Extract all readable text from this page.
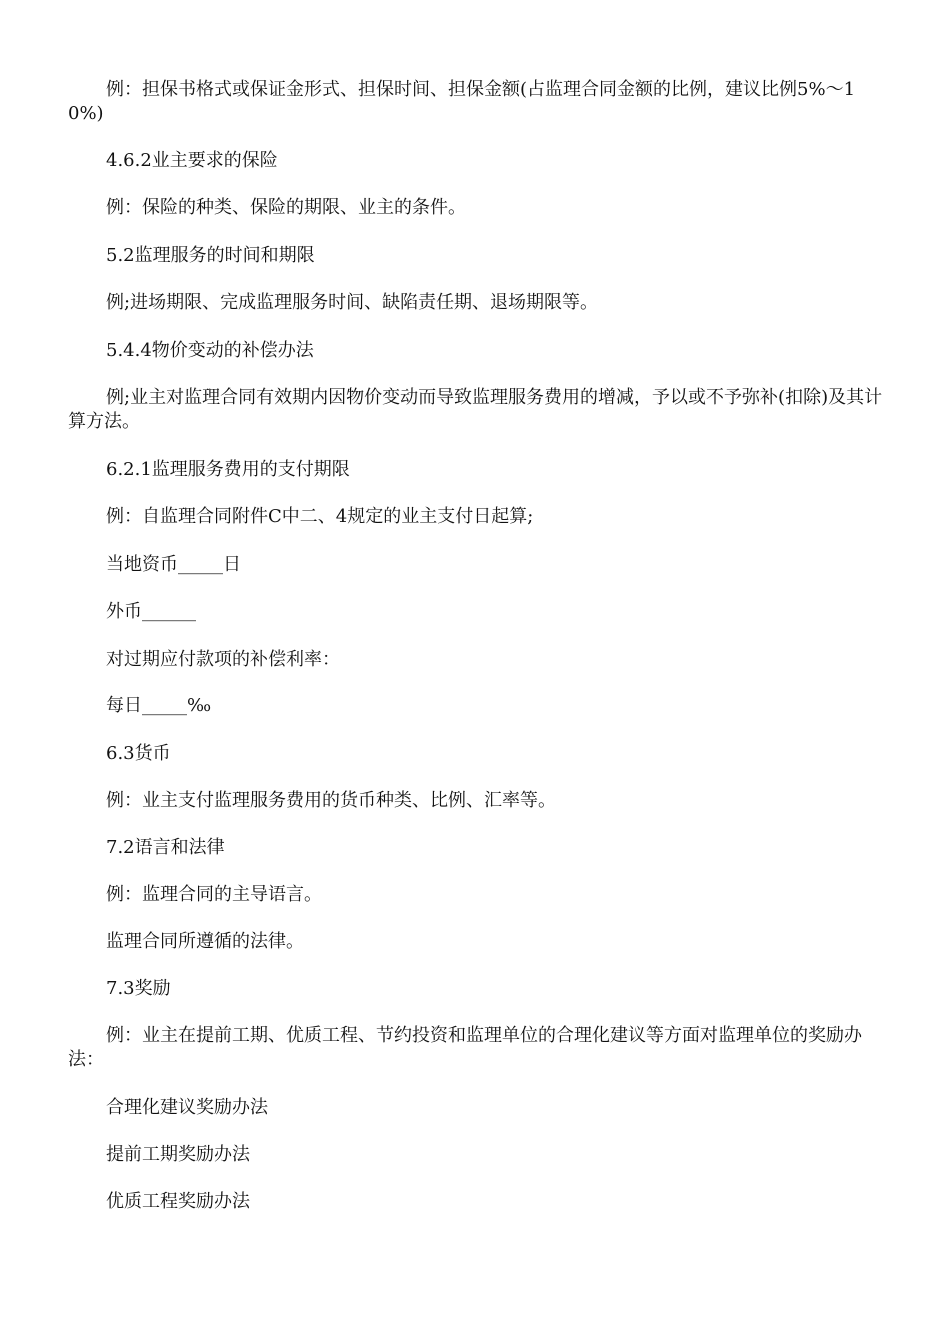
例：担保书格式或保证金形式、担保时间、担保金额(占监理合同金额的比例，建议比例5%～10%)

4.6.2业主要求的保险

例：保险的种类、保险的期限、业主的条件。

5.2监理服务的时间和期限

例;进场期限、完成监理服务时间、缺陷责任期、退场期限等。

5.4.4物价变动的补偿办法

例;业主对监理合同有效期内因物价变动而导致监理服务费用的增减，予以或不予弥补(扣除)及其计算方法。

6.2.1监理服务费用的支付期限

例：自监理合同附件C中二、4规定的业主支付日起算;

当地资币_____日

外币______

对过期应付款项的补偿利率：

每日_____‰

6.3货币

例：业主支付监理服务费用的货币种类、比例、汇率等。

7.2语言和法律

例：监理合同的主导语言。

监理合同所遵循的法律。

7.3奖励

例：业主在提前工期、优质工程、节约投资和监理单位的合理化建议等方面对监理单位的奖励办法：

合理化建议奖励办法

提前工期奖励办法

优质工程奖励办法
